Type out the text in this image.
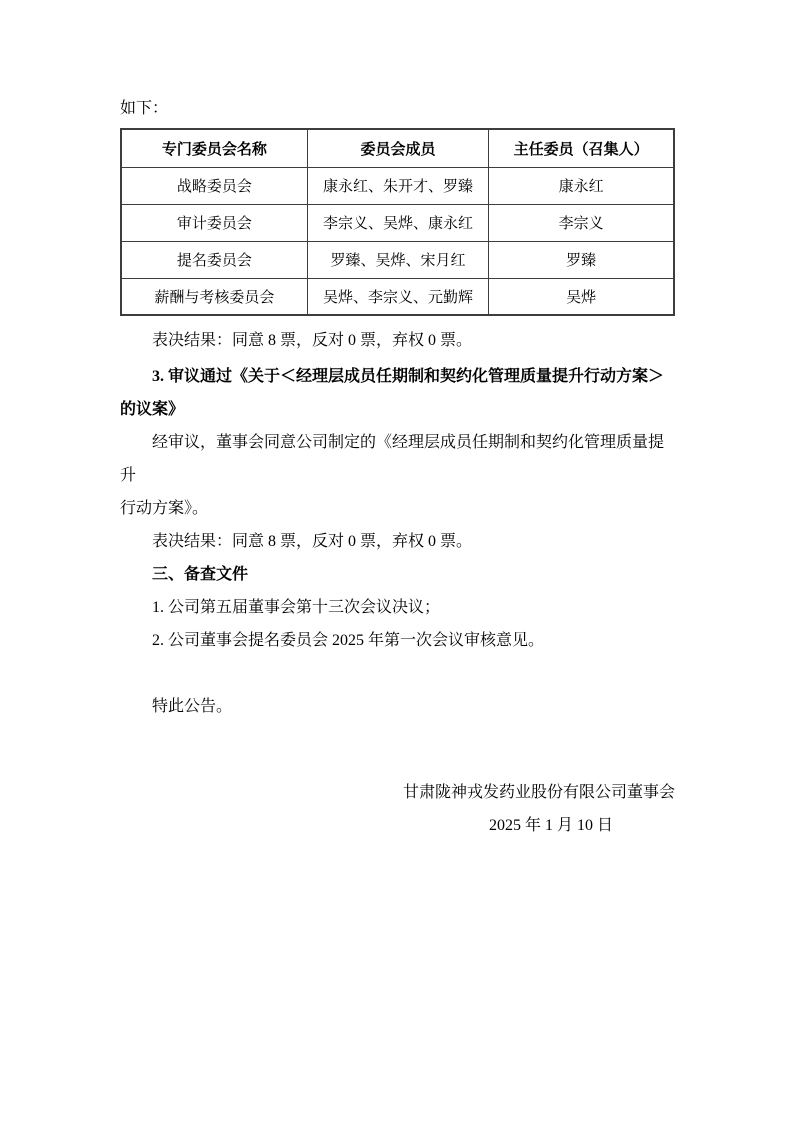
如下：

专门委员会名称	委员会成员	主任委员（召集人）
战略委员会	康永红、朱开才、罗臻	康永红
审计委员会	李宗义、吴烨、康永红	李宗义
提名委员会	罗臻、吴烨、宋月红	罗臻
薪酬与考核委员会	吴烨、李宗义、元勤辉	吴烨

表决结果：同意 8 票，反对 0 票，弃权 0 票。

3. 审议通过《关于＜经理层成员任期制和契约化管理质量提升行动方案＞

的议案》

经审议，董事会同意公司制定的《经理层成员任期制和契约化管理质量提升

行动方案》。

表决结果：同意 8 票，反对 0 票，弃权 0 票。

三、备查文件

1. 公司第五届董事会第十三次会议决议；

2. 公司董事会提名委员会 2025 年第一次会议审核意见。

特此公告。

甘肃陇神戎发药业股份有限公司董事会

2025 年 1 月 10 日
